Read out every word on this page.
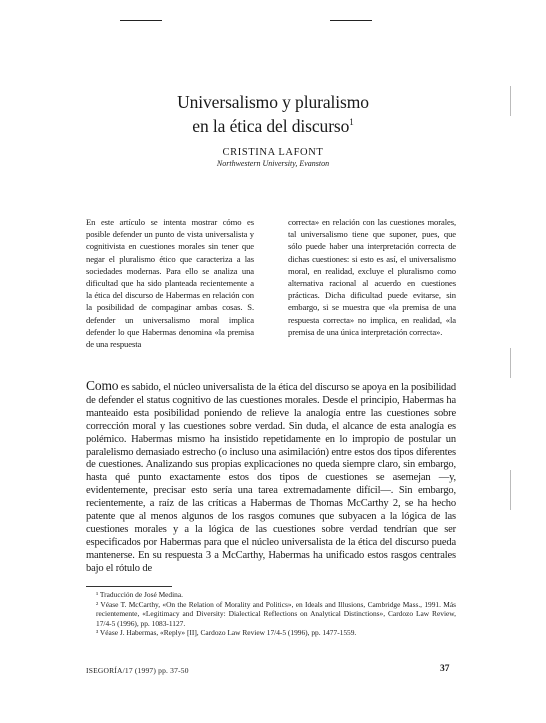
Universalismo y pluralismo
en la ética del discurso$^1$
CRISTINA LAFONT
Northwestern University, Evanston

En este artículo se intenta mostrar cómo es posible defender un punto de vista universalista y cognitivista en cuestiones morales sin tener que negar el pluralismo ético que caracteriza a las sociedades modernas. Para ello se analiza una dificultad que ha sido planteada recientemente a la ética del discurso de Habermas en relación con la posibilidad de compaginar ambas cosas. S. defender un universalismo moral implica defender lo que Habermas denomina «la premisa de una respuesta

correcta» en relación con las cuestiones morales, tal universalismo tiene que suponer, pues, que sólo puede haber una interpretación correcta de dichas cuestiones: si esto es así, el universalismo moral, en realidad, excluye el pluralismo como alternativa racional al acuerdo en cuestiones prácticas. Dicha dificultad puede evitarse, sin embargo, si se muestra que «la premisa de una respuesta correcta» no implica, en realidad, «la premisa de una única interpretación correcta».

Como es sabido, el núcleo universalista de la ética del discurso se apoya en la posibilidad de defender el status cognitivo de las cuestiones morales. Desde el principio, Habermas ha manteaido esta posibilidad poniendo de relieve la analogía entre las cuestiones sobre corrección moral y las cuestiones sobre verdad. Sin duda, el alcance de esta analogía es polémico. Habermas mismo ha insistido repetidamente en lo impropio de postular un paralelismo demasiado estrecho (o incluso una asimilación) entre estos dos tipos diferentes de cuestiones. Analizando sus propias explicaciones no queda siempre claro, sin embargo, hasta qué punto exactamente estos dos tipos de cuestiones se asemejan —y, evidentemente, precisar esto sería una tarea extremadamente difícil—. Sin embargo, recientemente, a raíz de las críticas a Habermas de Thomas McCarthy 2, se ha hecho patente que al menos algunos de los rasgos comunes que subyacen a la lógica de las cuestiones morales y a la lógica de las cuestiones sobre verdad tendrían que ser especificados por Habermas para que el núcleo universalista de la ética del discurso pueda mantenerse. En su respuesta 3 a McCarthy, Habermas ha unificado estos rasgos centrales bajo el rótulo de

¹ Traducción de José Medina.

² Véase T. McCarthy, «On the Relation of Morality and Politics», en Ideals and Illusions, Cambridge Mass., 1991. Más recientemente, «Legitimacy and Diversity: Dialectical Reflections on Analytical Distinctions», Cardozo Law Review, 17/4-5 (1996), pp. 1083-1127.

³ Véase J. Habermas, «Reply» [II], Cardozo Law Review 17/4-5 (1996), pp. 1477-1559.

ISEGORÍA/17 (1997) pp. 37-50	37
